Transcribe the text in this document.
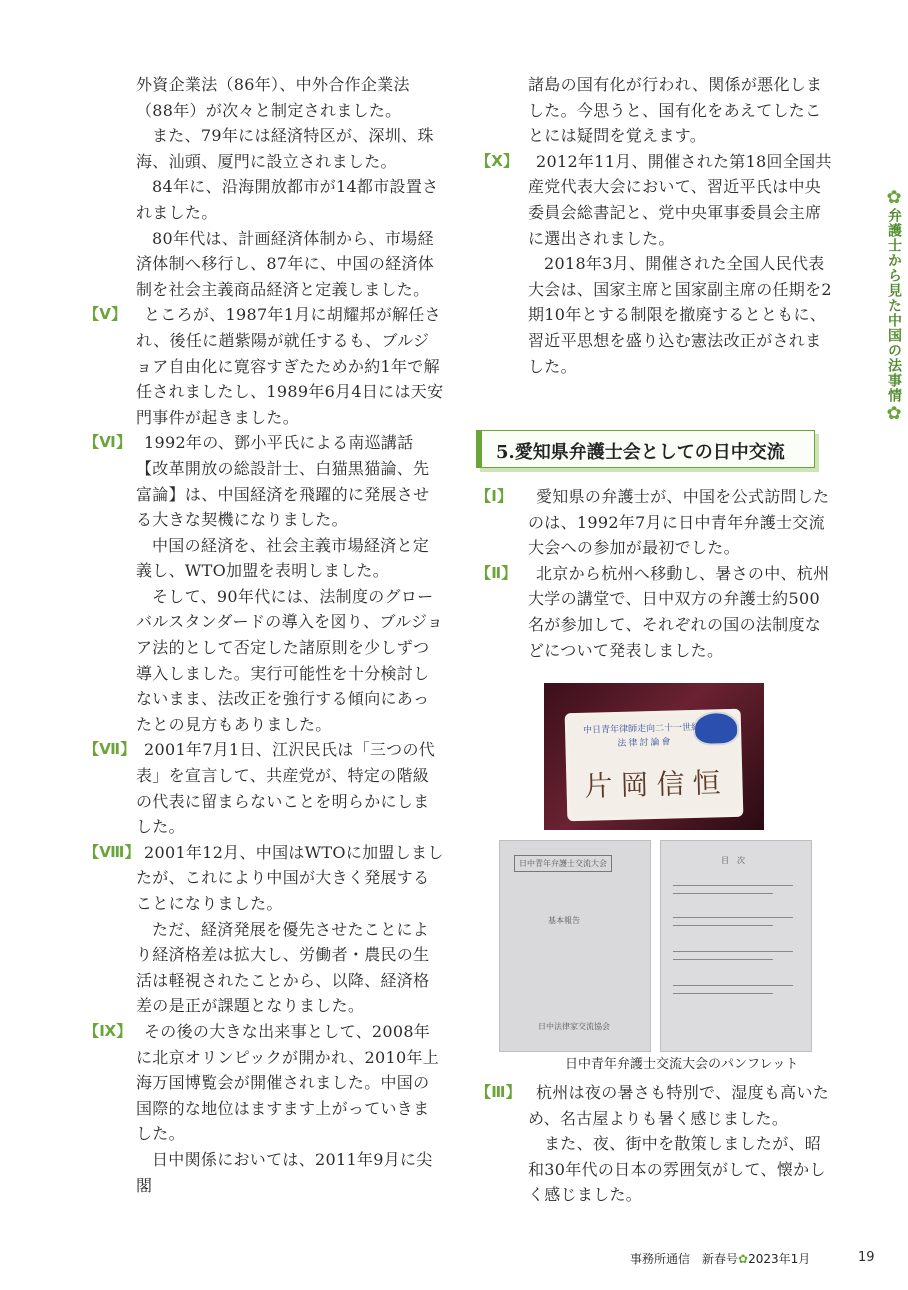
✿
弁護士から見た中国の法事情
✿

外資企業法（86年）、中外合作企業法（88年）が次々と制定されました。

また、79年には経済特区が、深圳、珠海、汕頭、厦門に設立されました。

84年に、沿海開放都市が14都市設置されました。

80年代は、計画経済体制から、市場経済体制へ移行し、87年に、中国の経済体制を社会主義商品経済と定義しました。

【Ⅴ】	ところが、1987年1月に胡耀邦が解任され、後任に趙紫陽が就任するも、ブルジョア自由化に寛容すぎたためか約1年で解任されましたし、1989年6月4日には天安門事件が起きました。
【Ⅵ】 1992年の、鄧小平氏による南巡講話【改革開放の総設計士、白猫黒猫論、先富論】は、中国経済を飛躍的に発展させる大きな契機になりました。

中国の経済を、社会主義市場経済と定義し、WTO加盟を表明しました。

そして、90年代には、法制度のグローバルスタンダードの導入を図り、ブルジョア法的として否定した諸原則を少しずつ導入しました。実行可能性を十分検討しないまま、法改正を強行する傾向にあったとの見方もありました。

【Ⅶ】 2001年7月1日、江沢民氏は「三つの代表」を宣言して、共産党が、特定の階級の代表に留まらないことを明らかにしました。
【Ⅷ】 2001年12月、中国はWTOに加盟しましたが、これにより中国が大きく発展することになりました。

ただ、経済発展を優先させたことにより経済格差は拡大し、労働者・農民の生活は軽視されたことから、以降、経済格差の是正が課題となりました。

【Ⅸ】 その後の大きな出来事として、2008年に北京オリンピックが開かれ、2010年上海万国博覧会が開催されました。中国の国際的な地位はますます上がっていきました。

日中関係においては、2011年9月に尖閣

諸島の国有化が行われ、関係が悪化しました。今思うと、国有化をあえてしたことには疑問を覚えます。

【Ⅹ】	2012年11月、開催された第18回全国共産党代表大会において、習近平氏は中央委員会総書記と、党中央軍事委員会主席に選出されました。

2018年3月、開催された全国人民代表大会は、国家主席と国家副主席の任期を2期10年とする制限を撤廃するとともに、習近平思想を盛り込む憲法改正がされました。

5.愛知県弁護士会としての日中交流
【Ⅰ】	愛知県の弁護士が、中国を公式訪問したのは、1992年7月に日中青年弁護士交流大会への参加が最初でした。
【Ⅱ】	北京から杭州へ移動し、暑さの中、杭州大学の講堂で、日中双方の弁護士約500名が参加して、それぞれの国の法制度などについて発表しました。
中日青年律師走向二十一世紀
法律討論會
片岡信恒
日中青年弁護士交流大会
基本報告
日中法律家交流協会
目　次
日中青年弁護士交流大会のパンフレット
【Ⅲ】 杭州は夜の暑さも特別で、湿度も高いため、名古屋よりも暑く感じました。

また、夜、街中を散策しましたが、昭和30年代の日本の雰囲気がして、懐かしく感じました。

事務所通信　新春号✿2023年1月	19
